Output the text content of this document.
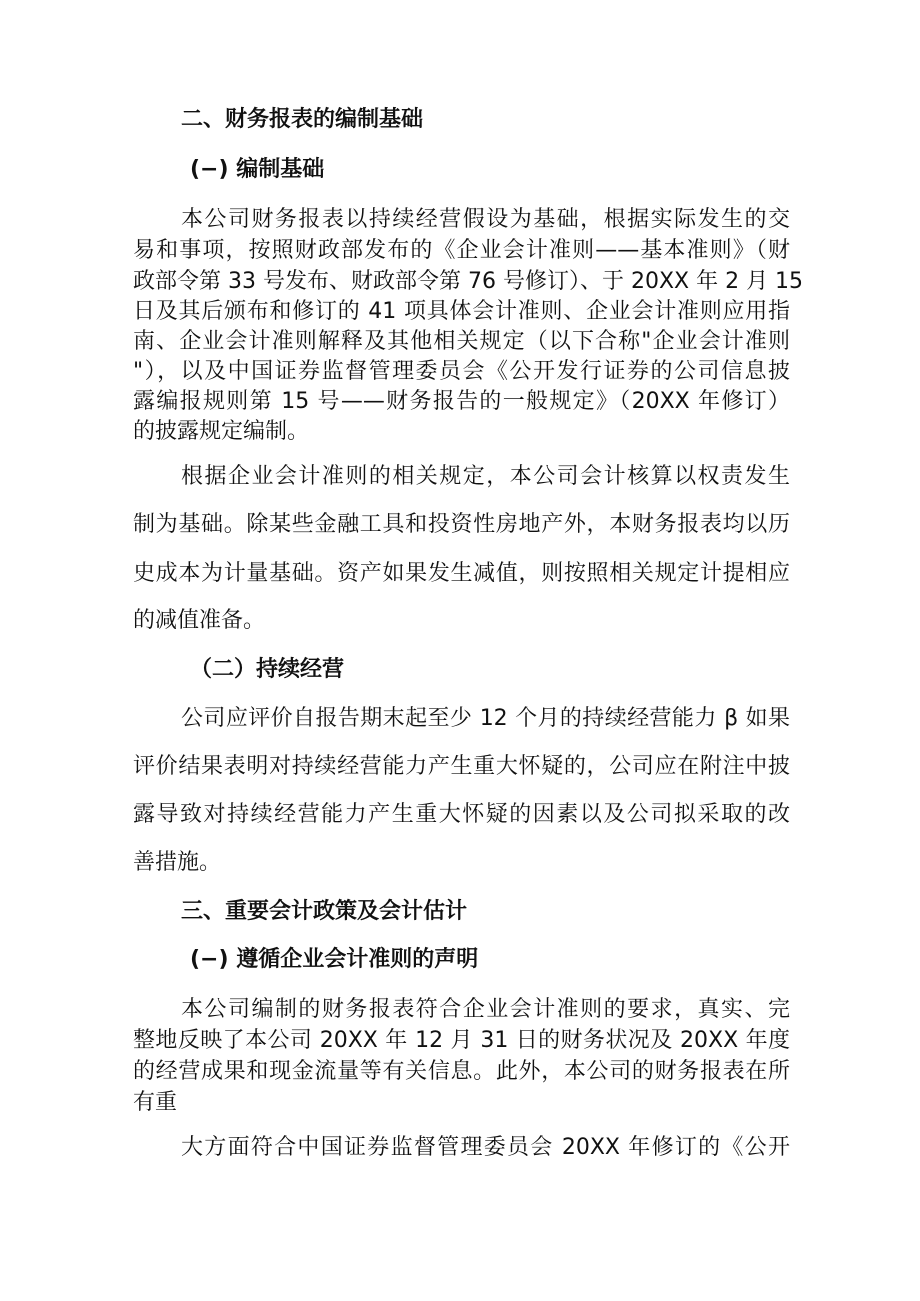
二、财务报表的编制基础
(−) 编制基础
本公司财务报表以持续经营假设为基础，根据实际发生的交
易和事项，按照财政部发布的《企业会计准则——基本准则》（财
政部令第 33 号发布、财政部令第 76 号修订）、于 20XX 年 2 月 15
日及其后颁布和修订的 41 项具体会计准则、企业会计准则应用指
南、企业会计准则解释及其他相关规定（以下合称"企业会计准则
"），以及中国证券监督管理委员会《公开发行证券的公司信息披
露编报规则第 15 号——财务报告的一般规定》（20XX 年修订）
的披露规定编制。
根据企业会计准则的相关规定，本公司会计核算以权责发生
制为基础。除某些金融工具和投资性房地产外，本财务报表均以历
史成本为计量基础。资产如果发生减值，则按照相关规定计提相应
的减值准备。
（二）持续经营
公司应评价自报告期末起至少 12 个月的持续经营能力 β 如果
评价结果表明对持续经营能力产生重大怀疑的，公司应在附注中披
露导致对持续经营能力产生重大怀疑的因素以及公司拟采取的改
善措施。
三、重要会计政策及会计估计
(−) 遵循企业会计准则的声明
本公司编制的财务报表符合企业会计准则的要求，真实、完
整地反映了本公司 20XX 年 12 月 31 日的财务状况及 20XX 年度
的经营成果和现金流量等有关信息。此外，本公司的财务报表在所
有重
大方面符合中国证券监督管理委员会 20XX 年修订的《公开
